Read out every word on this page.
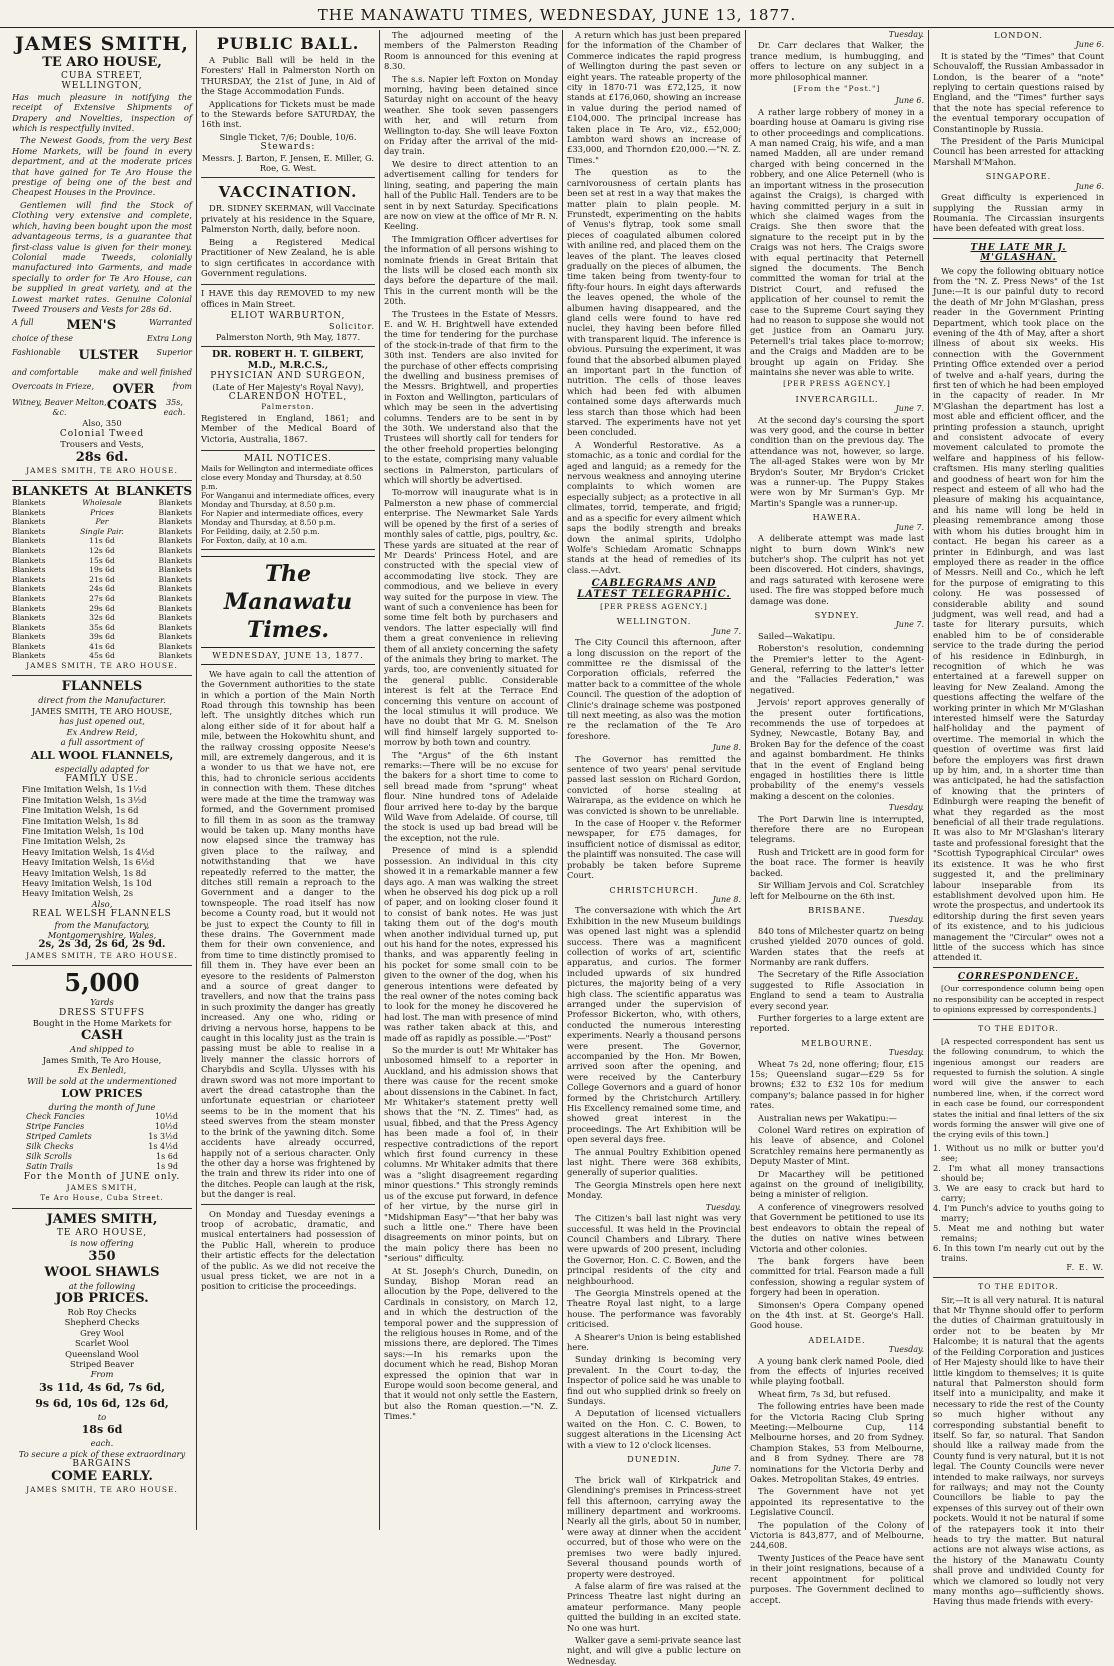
THE MANAWATU TIMES, WEDNESDAY, JUNE 13, 1877.
JAMES SMITH,
TE ARO HOUSE,
CUBA STREET,
WELLINGTON,

Has much pleasure in notifying the receipt of Extensive Shipments of Drapery and Novelties, inspection of which is respectfully invited.

The Newest Goods, from the very Best Home Markets, will be found in every department, and at the moderate prices that have gained for Te Aro House the prestige of being one of the best and Cheapest Houses in the Province.

Gentlemen will find the Stock of Clothing very extensive and complete, which, having been bought upon the most advantageous terms, is a guarantee that first-class value is given for their money. Colonial made Tweeds, colonially manufactured into Garments, and made specially to order for Te Aro House, can be supplied in great variety, and at the Lowest market rates. Genuine Colonial Tweed Trousers and Vests for 28s 6d.

A full	MEN'S	Warranted
choice of these	Extra Long
Fashionable ULSTER Superior
and comfortable	make and well finished
Overcoats in Frieze, OVER from
Witney, Beaver Melton, &c.	COATS	35s, each.
Also, 350
Colonial Tweed
Trousers and Vests,
28s 6d.
JAMES SMITH, TE ARO HOUSE.
BLANKETS At BLANKETS
Blankets	Wholesale	Blankets
Blankets	Prices	Blankets
Blankets	Per	Blankets
Blankets	Single Pair.	Blankets
Blankets	11s 6d	Blankets
Blankets	12s 6d	Blankets
Blankets	15s 6d	Blankets
Blankets	19s 6d	Blankets
Blankets	21s 6d	Blankets
Blankets	24s 6d	Blankets
Blankets	27s 6d	Blankets
Blankets	29s 6d	Blankets
Blankets	32s 6d	Blankets
Blankets	35s 6d	Blankets
Blankets	39s 6d	Blankets
Blankets	41s 6d	Blankets
Blankets	45s 6d	Blankets
JAMES SMITH, TE ARO HOUSE.
FLANNELS
direct from the Manufacturer.
JAMES SMITH, TE ARO HOUSE,
has just opened out,
Ex Andrew Reid,
a full assortment of
ALL WOOL FLANNELS,
especially adapted for
FAMILY USE.
Fine Imitation Welsh, 1s 1½d
Fine Imitation Welsh, 1s 3½d
Fine Imitation Welsh, 1s 6d
Fine Imitation Welsh, 1s 8d
Fine Imitation Welsh, 1s 10d
Fine Imitation Welsh, 2s
Heavy Imitation Welsh, 1s 4½d
Heavy Imitation Welsh, 1s 6½d
Heavy Imitation Welsh, 1s 8d
Heavy Imitation Welsh, 1s 10d
Heavy Imitation Welsh, 2s
Also,
REAL WELSH FLANNELS
from the Manufactory,
Montgomeryshire, Wales,
2s, 2s 3d, 2s 6d, 2s 9d.
JAMES SMITH, TE ARO HOUSE.
5,000
Yards
DRESS STUFFS
Bought in the Home Markets for
CASH
And shipped to
James Smith, Te Aro House,
Ex Benledi,
Will be sold at the undermentioned
LOW PRICES
during the month of June
Check Fancies	10½d
Stripe Fancies	10½d
Striped Camlets	1s 3½d
Silk Checks	1s 4½d
Silk Scrolls	1s 6d
Satin Trails	1s 9d
For the Month of JUNE only.
JAMES SMITH,
Te Aro House, Cuba Street.
JAMES SMITH,
TE ARO HOUSE,
is now offering
350
WOOL SHAWLS
at the following
JOB PRICES.
Rob Roy Checks
Shepherd Checks
Grey Wool
Scarlet Wool
Queensland Wool
Striped Beaver
From
3s 11d, 4s 6d, 7s 6d,
9s 6d, 10s 6d, 12s 6d,
to
18s 6d
each.
To secure a pick of these extraordinary
BARGAINS
COME EARLY.
JAMES SMITH, TE ARO HOUSE.
PUBLIC BALL.

A Public Ball will be held in the Foresters' Hall in Palmerston North on THURSDAY, the 21st of June, in Aid of the Stage Accommodation Funds.

Applications for Tickets must be made to the Stewards before SATURDAY, the 16th inst.

Single Ticket, 7/6; Double, 10/6.
Stewards:
Messrs. J. Barton, F. Jensen, E. Miller, G. Roe, G. West.
VACCINATION.

DR. SIDNEY SKERMAN, will Vaccinate privately at his residence in the Square, Palmerston North, daily, before noon.

Being a Registered Medical Practitioner of New Zealand, he is able to sign certificates in accordance with Government regulations.

I HAVE this day REMOVED to my new offices in Main Street.

ELIOT WARBURTON,
Solicitor.
Palmerston North, 9th May, 1877.
DR. ROBERT H. T. GILBERT, M.D., M.R.C.S.,
PHYSICIAN AND SURGEON,
(Late of Her Majesty's Royal Navy),
CLARENDON HOTEL,
Palmerston.

Registered in England, 1861; and Member of the Medical Board of Victoria, Australia, 1867.

MAIL NOTICES.
Mails for Wellington and intermediate offices close every Monday and Thursday, at 8.50 p.m.
For Wanganui and intermediate offices, every Monday and Thursday, at 8.50 p.m.
For Napier and intermediate offices, every Monday and Thursday, at 8.50 p.m.
For Feilding, daily, at 2.50 p.m.
For Foxton, daily, at 10 a.m.
The Manawatu Times.
WEDNESDAY, JUNE 13, 1877.

We have again to call the attention of the Government authorities to the state in which a portion of the Main North Road through this township has been left. The unsightly ditches which run along either side of it for about half a mile, between the Hokowhitu shunt, and the railway crossing opposite Neese's mill, are extremely dangerous, and it is a wonder to us that we have not, ere this, had to chronicle serious accidents in connection with them. These ditches were made at the time the tramway was formed, and the Government promised to fill them in as soon as the tramway would be taken up. Many months have now elapsed since the tramway has given place to the railway, and notwithstanding that we have repeatedly referred to the matter, the ditches still remain a reproach to the Government and a danger to the townspeople. The road itself has now become a County road, but it would not be just to expect the County to fill in these drains. The Government made them for their own convenience, and from time to time distinctly promised to fill them in. They have ever been an eyesore to the residents of Palmerston and a source of great danger to travellers, and now that the trains pass in such proximity the danger has greatly increased. Any one who, riding or driving a nervous horse, happens to be caught in this locality just as the train is passing must be able to realise in a lively manner the classic horrors of Charybdis and Scylla. Ulysses with his drawn sword was not more important to avert the dread catastrophe than the unfortunate equestrian or charioteer seems to be in the moment that his steed swerves from the steam monster to the brink of the yawning ditch. Some accidents have already occurred, happily not of a serious character. Only the other day a horse was frightened by the train and threw its rider into one of the ditches. People can laugh at the risk, but the danger is real.

On Monday and Tuesday evenings a troop of acrobatic, dramatic, and musical entertainers had possession of the Public Hall, wherein to produce their artistic effects for the delectation of the public. As we did not receive the usual press ticket, we are not in a position to criticise the proceedings.

The adjourned meeting of the members of the Palmerston Reading Room is announced for this evening at 8.30.

The s.s. Napier left Foxton on Monday morning, having been detained since Saturday night on account of the heavy weather. She took seven passengers with her, and will return from Wellington to-day. She will leave Foxton on Friday after the arrival of the mid-day train.

We desire to direct attention to an advertisement calling for tenders for lining, seating, and papering the main hall of the Public Hall. Tenders are to be sent in by next Saturday. Specifications are now on view at the office of Mr R. N. Keeling.

The Immigration Officer advertises for the information of all persons wishing to nominate friends in Great Britain that the lists will be closed each month six days before the departure of the mail. This in the current month will be the 20th.

The Trustees in the Estate of Messrs. E. and W. H. Brightwell have extended the time for tendering for the purchase of the stock-in-trade of that firm to the 30th inst. Tenders are also invited for the purchase of other effects comprising the dwelling and business premises of the Messrs. Brightwell, and properties in Foxton and Wellington, particulars of which may be seen in the advertising columns. Tenders are to be sent in by the 30th. We understand also that the Trustees will shortly call for tenders for the other freehold properties belonging to the estate, comprising many valuable sections in Palmerston, particulars of which will shortly be advertised.

To-morrow will inaugurate what is in Palmerston a new phase of commercial enterprise. The Newmarket Sale Yards will be opened by the first of a series of monthly sales of cattle, pigs, poultry, &c. These yards are situated at the rear of Mr Deards' Princess Hotel, and are constructed with the special view of accommodating live stock. They are commodious, and we believe in every way suited for the purpose in view. The want of such a convenience has been for some time felt both by purchasers and vendors. The latter especially will find them a great convenience in relieving them of all anxiety concerning the safety of the animals they bring to market. The yards, too, are conveniently situated for the general public. Considerable interest is felt at the Terrace End concerning this venture on account of the local stimulus it will produce. We have no doubt that Mr G. M. Snelson will find himself largely supported to-morrow by both town and country.

The "Argus" of the 6th instant remarks:—There will be no excuse for the bakers for a short time to come to sell bread made from "sprung" wheat flour. Nine hundred tons of Adelaide flour arrived here to-day by the barque Wild Wave from Adelaide. Of course, till the stock is used up bad bread will be the exception, not the rule.

Presence of mind is a splendid possession. An individual in this city showed it in a remarkable manner a few days ago. A man was walking the street when he observed his dog pick up a roll of paper, and on looking closer found it to consist of bank notes. He was just taking them out of the dog's mouth when another individual turned up, put out his hand for the notes, expressed his thanks, and was apparently feeling in his pocket for some small coin to be given to the owner of the dog, when his generous intentions were defeated by the real owner of the notes coming back to look for the money he discovered he had lost. The man with presence of mind was rather taken aback at this, and made off as rapidly as possible.—"Post"

So the murder is out! Mr Whitaker has unbosomed himself to a reporter in Auckland, and his admission shows that there was cause for the recent smoke about dissensions in the Cabinet. In fact, Mr Whitaker's statement pretty well shows that the "N. Z. Times" had, as usual, fibbed, and that the Press Agency has been made a fool of, in their respective contradictions of the report which first found currency in these columns. Mr Whitaker admits that there was a "slight disagreement regarding minor questions." This strongly reminds us of the excuse put forward, in defence of her virtue, by the nurse girl in "Midshipman Easy"—"that her baby was such a little one." There have been disagreements on minor points, but on the main policy there has been no "serious" difficulty.

At St. Joseph's Church, Dunedin, on Sunday, Bishop Moran read an allocution by the Pope, delivered to the Cardinals in consistory, on March 12, and in which the destruction of the temporal power and the suppression of the religious houses in Rome, and of the missions there, are deplored. The Times says:—In his remarks upon the document which he read, Bishop Moran expressed the opinion that war in Europe would soon become general, and that it would not only settle the Eastern, but also the Roman question.—"N. Z. Times."

A return which has just been prepared for the information of the Chamber of Commerce indicates the rapid progress of Wellington during the past seven or eight years. The rateable property of the city in 1870-71 was £72,125, it now stands at £176,060, showing an increase in value during the period named of £104,000. The principal increase has taken place in Te Aro, viz., £52,000; Lambton ward shows an increase of £33,000, and Thorndon £20,000.—"N. Z. Times."

The question as to the carnivorousness of certain plants has been set at rest in a way that makes the matter plain to plain people. M. Frunstedt, experimenting on the habits of Venus's flytrap, took some small pieces of coagulated albumen colored with aniline red, and placed them on the leaves of the plant. The leaves closed gradually on the pieces of albumen, the time taken being from twenty-four to fifty-four hours. In eight days afterwards the leaves opened, the whole of the albumen having disappeared, and the gland cells were found to have red nuclei, they having been before filled with transparent liquid. The inference is obvious. Pursuing the experiment, it was found that the absorbed albumen played an important part in the function of nutrition. The cells of those leaves which had been fed with albumen contained some days afterwards much less starch than those which had been starved. The experiments have not yet been concluded.

A Wonderful Restorative. As a stomachic, as a tonic and cordial for the aged and languid; as a remedy for the nervous weakness and annoying uterine complaints to which women are especially subject; as a protective in all climates, torrid, temperate, and frigid; and as a specific for every ailment which saps the bodily strength and breaks down the animal spirits, Udolpho Wolfe's Schiedam Aromatic Schnapps stands at the head of remedies of its class.—Advt.

CABLEGRAMS AND LATEST TELEGRAPHIC.
[PER PRESS AGENCY.]
WELLINGTON.
June 7.

The City Council this afternoon, after a long discussion on the report of the committee re the dismissal of the Corporation officials, referred the matter back to a committee of the whole Council. The question of the adoption of Clinic's drainage scheme was postponed till next meeting, as also was the motion re the reclamation of the Te Aro foreshore.

June 8.

The Governor has remitted the sentence of two years' penal servitude passed last session on Richard Gordon, convicted of horse stealing at Wairarapa, as the evidence on which he was convicted is shown to be unreliable.

In the case of Hooper v. the Reformer newspaper, for £75 damages, for insufficient notice of dismissal as editor, the plaintiff was nonsuited. The case will probably be taken before Supreme Court.

CHRISTCHURCH.
June 8.

The conversazione with which the Art Exhibition in the new Museum buildings was opened last night was a splendid success. There was a magnificent collection of works of art, scientific apparatus, and curios. The former included upwards of six hundred pictures, the majority being of a very high class. The scientific apparatus was arranged under the supervision of Professor Bickerton, who, with others, conducted the numerous interesting experiments. Nearly a thousand persons were present. The Governor, accompanied by the Hon. Mr Bowen, arrived soon after the opening, and were received by the Canterbury College Governors and a guard of honor formed by the Christchurch Artillery. His Excellency remained some time, and showed great interest in the proceedings. The Art Exhibition will be open several days free.

The annual Poultry Exhibition opened last night. There were 368 exhibits, generally of superior qualities.

The Georgia Minstrels open here next Monday.

Tuesday.

The Citizen's ball last night was very successful. It was held in the Provincial Council Chambers and Library. There were upwards of 200 present, including the Governor, Hon. C. C. Bowen, and the principal residents of the city and neighbourhood.

The Georgia Minstrels opened at the Theatre Royal last night, to a large house. The performance was favorably criticised.

A Shearer's Union is being established here.

Sunday drinking is becoming very prevalent. In the Court to-day, the Inspector of police said he was unable to find out who supplied drink so freely on Sundays.

A Deputation of licensed victuallers waited on the Hon. C. C. Bowen, to suggest alterations in the Licensing Act with a view to 12 o'clock licenses.

DUNEDIN.
June 7.

The brick wall of Kirkpatrick and Glendining's premises in Princess-street fell this afternoon, carrying away the millinery department and workrooms. Nearly all the girls, about 50 in number, were away at dinner when the accident occurred, but of those who were on the premises two were badly injured. Several thousand pounds worth of property were destroyed.

A false alarm of fire was raised at the Princess Theatre last night during an amateur performance. Many people quitted the building in an excited state. No one was hurt.

Walker gave a semi-private seance last night, and will give a public lecture on Wednesday.

Tuesday.

Dr. Carr declares that Walker, the trance medium, is humbugging, and offers to lecture on any subject in a more philosophical manner.

[From the "Post."]
June 6.

A rather large robbery of money in a boarding house at Oamaru is giving rise to other proceedings and complications. A man named Craig, his wife, and a man named Madden, all are under remand charged with being concerned in the robbery, and one Alice Peternell (who is an important witness in the prosecution against the Craigs), is charged with having committed perjury in a suit in which she claimed wages from the Craigs. She then swore that the signature to the receipt put in by the Craigs was not hers. The Craigs swore with equal pertinacity that Peternell signed the documents. The Bench committed the woman for trial at the District Court, and refused the application of her counsel to remit the case to the Supreme Court saying they had no reason to suppose she would not get justice from an Oamaru jury. Peternell's trial takes place to-morrow; and the Craigs and Madden are to be brought up again on Friday. She maintains she never was able to write.

[PER PRESS AGENCY.]
INVERCARGILL.
June 7.

At the second day's coursing the sport was very good, and the course in better condition than on the previous day. The attendance was not, however, so large. The all-aged Stakes were won by Mr Brydon's Souter, Mr Brydon's Cricket was a runner-up. The Puppy Stakes were won by Mr Surman's Gyp. Mr Martin's Spangle was a runner-up.

HAWERA.
June 7.

A deliberate attempt was made last night to burn down Wink's new butcher's shop. The culprit has not yet been discovered. Hot cinders, shavings, and rags saturated with kerosene were used. The fire was stopped before much damage was done.

SYDNEY.
June 7.

Sailed—Wakatipu.

Roberston's resolution, condemning the Premier's letter to the Agent-General, referring to the latter's letter and the "Fallacies Federation," was negatived.

Jervois' report approves generally of the present outer fortifications, recommends the use of torpedoes at Sydney, Newcastle, Botany Bay, and Broken Bay for the defence of the coast and against bombardment. He thinks that in the event of England being engaged in hostilities there is little probability of the enemy's vessels making a descent on the colonies.

Tuesday.

The Port Darwin line is interrupted, therefore there are no European telegrams.

Rush and Trickett are in good form for the boat race. The former is heavily backed.

Sir William Jervois and Col. Scratchley left for Melbourne on the 6th inst.

BRISBANE.
Tuesday.

840 tons of Milchester quartz on being crushed yielded 2070 ounces of gold. Warden states that the reefs at Normanby are rank duffers.

The Secretary of the Rifle Association suggested to Rifle Association in England to send a team to Australia every second year.

Further forgeries to a large extent are reported.

MELBOURNE.
Tuesday.

Wheat 7s 2d, none offering; flour, £15 15s; Queensland sugar—£29 5s for browns; £32 to £32 10s for medium company's; balance passed in for higher rates.

Australian news per Wakatipu:—

Colonel Ward retires on expiration of his leave of absence, and Colonel Scratchley remains here permanently as Deputy Master of Mint.

Dr Macarthey will be petitioned against on the ground of ineligibility, being a minister of religion.

A conference of vinegrowers resolved that Government be petitioned to use its best endeavors to obtain the repeal of the duties on native wines between Victoria and other colonies.

The bank forgers have been committed for trial. Fearson made a full confession, showing a regular system of forgery had been in operation.

Simonsen's Opera Company opened on the 4th inst. at St. George's Hall. Good house.

ADELAIDE.
Tuesday.

A young bank clerk named Poole, died from the effects of injuries received while playing football.

Wheat firm, 7s 3d, but refused.

The following entries have been made for the Victoria Racing Club Spring Meeting:—Melbourne Cup, 114 Melbourne horses, and 20 from Sydney. Champion Stakes, 53 from Melbourne, and 8 from Sydney. There are 78 nominations for the Victoria Derby and Oakes. Metropolitan Stakes, 49 entries.

The Government have not yet appointed its representative to the Legislative Council.

The population of the Colony of Victoria is 843,877, and of Melbourne, 244,608.

Twenty Justices of the Peace have sent in their joint resignations, because of a recent appointment for political purposes. The Government declined to accept.

LONDON.
June 6.

It is stated by the "Times" that Count Schouvaloff, the Russian Ambassador in London, is the bearer of a "note" replying to certain questions raised by England, and the "Times" further says that the note has special reference to the eventual temporary occupation of Constantinople by Russia.

The President of the Paris Municipal Council has been arrested for attacking Marshall M'Mahon.

SINGAPORE.
June 6.

Great difficulty is experienced in supplying the Russian army in Roumania. The Circassian insurgents have been defeated with great loss.

THE LATE MR J. M'GLASHAN.

We copy the following obituary notice from the "N. Z. Press News" of the 1st June:—It is our painful duty to record the death of Mr John M'Glashan, press reader in the Government Printing Department, which took place on the evening of the 4th of May, after a short illness of about six weeks. His connection with the Government Printing Office extended over a period of twelve and a-half years, during the first ten of which he had been employed in the capacity of reader. In Mr M'Glashan the department has lost a most able and efficient officer, and the printing profession a staunch, upright and consistent advocate of every movement calculated to promote the welfare and happiness of his fellow-craftsmen. His many sterling qualities and goodness of heart won for him the respect and esteem of all who had the pleasure of making his acquaintance, and his name will long be held in pleasing remembrance among those with whom his duties brought him in contact. He began his career as a printer in Edinburgh, and was last employed there as reader in the office of Messrs. Neill and Co., which he left for the purpose of emigrating to this colony. He was possessed of considerable ability and sound judgment, was well read, and had a taste for literary pursuits, which enabled him to be of considerable service to the trade during the period of his residence in Edinburgh, in recognition of which he was entertained at a farewell supper on leaving for New Zealand. Among the questions affecting the welfare of the working printer in which Mr M'Glashan interested himself were the Saturday half-holiday and the payment of overtime. The memorial in which the question of overtime was first laid before the employers was first drawn up by him, and, in a shorter time than was anticipated, he had the satisfaction of knowing that the printers of Edinburgh were reaping the benefit of what they regarded as the most beneficial of all their trade regulations. It was also to Mr M'Glashan's literary taste and professional foresight that the "Scottish Typographical Circular" owes its existence. It was he who first suggested it, and the preliminary labour inseparable from its establishment devolved upon him. He wrote the prospectus, and undertook its editorship during the first seven years of its existence, and to his judicious management the "Circular" owes not a little of the success which has since attended it.

CORRESPONDENCE.

[Our correspondence column being open no responsibility can be accepted in respect to opinions expressed by correspondents.]

TO THE EDITOR.

[A respected correspondent has sent us the following conundrum, to which the ingenious amongst our readers are requested to furnish the solution. A single word will give the answer to each numbered line, when, if the correct word in each case be found, our correspondent states the initial and final letters of the six words forming the answer will give one of the crying evils of this town.]

1. Without us no milk or butter you'd see;
2. I'm what all money transactions should be;
3. We are easy to crack but hard to carry;
4. I'm Punch's advice to youths going to marry;
5. Meat me and nothing but water remains;
6. In this town I'm nearly cut out by the trains.
F. E. W.
TO THE EDITOR.

Sir,—It is all very natural. It is natural that Mr Thynne should offer to perform the duties of Chairman gratuitously in order not to be beaten by Mr Halcombe; it is natural that the agents of the Feilding Corporation and justices of Her Majesty should like to have their little kingdom to themselves; it is quite natural that Palmerston should form itself into a municipality, and make it necessary to ride the rest of the County so much higher without any corresponding substantial benefit to itself. So far, so natural. That Sandon should like a railway made from the County fund is very natural, but it is not legal. The County Councils were never intended to make railways, nor surveys for railways; and may not the County Councillors be liable to pay the expenses of this survey out of their own pockets. Would it not be natural if some of the ratepayers took it into their heads to try the matter. But natural actions are not always wise actions, as the history of the Manawatu County shall prove and undivided County for which we clamored so loudly not very many months ago—sufficiently shows. Having thus made friends with every-
